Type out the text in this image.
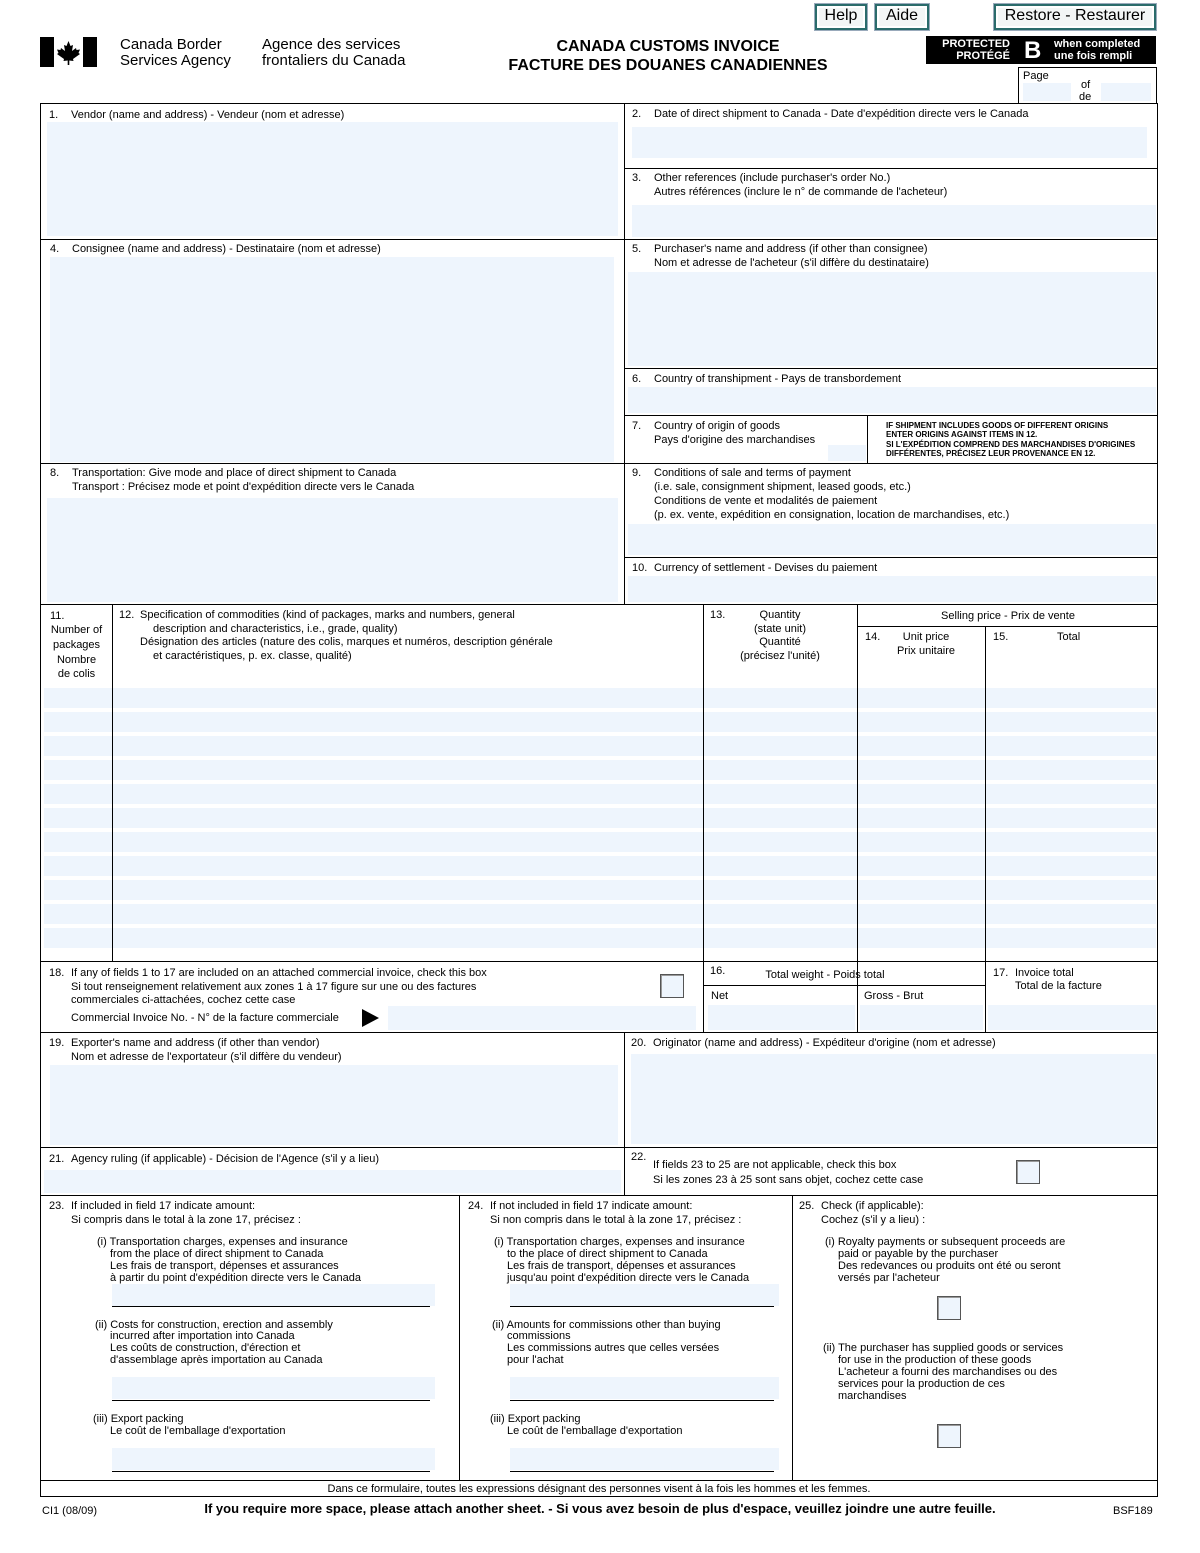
Help	Aide	Restore - Restaurer
Canada Border
Services Agency
Agence des services
frontaliers du Canada
CANADA CUSTOMS INVOICE
FACTURE DES DOUANES CANADIENNES
PROTECTED
PROTÉGÉ B when completed
une fois rempli
Page
of
de
1. Vendor (name and address) - Vendeur (nom et adresse)	2. Date of direct shipment to Canada - Date d'expédition directe vers le Canada
3. Other references (include purchaser's order No.)
Autres références (inclure le n° de commande de l'acheteur)
4. Consignee (name and address) - Destinataire (nom et adresse)	5. Purchaser's name and address (if other than consignee)
Nom et adresse de l'acheteur (s'il diffère du destinataire)
6. Country of transhipment - Pays de transbordement
7. Country of origin of goods
Pays d'origine des marchandises
IF SHIPMENT INCLUDES GOODS OF DIFFERENT ORIGINS
ENTER ORIGINS AGAINST ITEMS IN 12.
SI L'EXPÉDITION COMPREND DES MARCHANDISES D'ORIGINES
DIFFÉRENTES, PRÉCISEZ LEUR PROVENANCE EN 12.
8. Transportation: Give mode and place of direct shipment to Canada
Transport : Précisez mode et point d'expédition directe vers le Canada
9. Conditions of sale and terms of payment
(i.e. sale, consignment shipment, leased goods, etc.)
Conditions de vente et modalités de paiement
(p. ex. vente, expédition en consignation, location de marchandises, etc.)
10. Currency of settlement - Devises du paiement
11.
Number of
packages
Nombre
de colis
12. Specification of commodities (kind of packages, marks and numbers, general
description and characteristics, i.e., grade, quality)
Désignation des articles (nature des colis, marques et numéros, description générale
et caractéristiques, p. ex. classe, qualité)
13.	Quantity
(state unit)
Quantité
(précisez l'unité)
Selling price - Prix de vente
14.	Unit price
Prix unitaire
15.	Total
18. If any of fields 1 to 17 are included on an attached commercial invoice, check this box
Si tout renseignement relativement aux zones 1 à 17 figure sur une ou des factures
commerciales ci-attachées, cochez cette case
Commercial Invoice No. - N° de la facture commerciale
16.	Total weight - Poids total
Net	Gross - Brut
17. Invoice total
Total de la facture
19. Exporter's name and address (if other than vendor)
Nom et adresse de l'exportateur (s'il diffère du vendeur)
20. Originator (name and address) - Expéditeur d'origine (nom et adresse)
21. Agency ruling (if applicable) - Décision de l'Agence (s'il y a lieu)	22.
If fields 23 to 25 are not applicable, check this box
Si les zones 23 à 25 sont sans objet, cochez cette case
23. If included in field 17 indicate amount:
Si compris dans le total à la zone 17, précisez :
(i) Transportation charges, expenses and insurance
from the place of direct shipment to Canada
Les frais de transport, dépenses et assurances
à partir du point d'expédition directe vers le Canada
(ii) Costs for construction, erection and assembly
incurred after importation into Canada
Les coûts de construction, d'érection et
d'assemblage après importation au Canada
(iii) Export packing
Le coût de l'emballage d'exportation
24. If not included in field 17 indicate amount:
Si non compris dans le total à la zone 17, précisez :
(i) Transportation charges, expenses and insurance
to the place of direct shipment to Canada
Les frais de transport, dépenses et assurances
jusqu'au point d'expédition directe vers le Canada
(ii) Amounts for commissions other than buying
commissions
Les commissions autres que celles versées
pour l'achat
(iii) Export packing
Le coût de l'emballage d'exportation
25. Check (if applicable):
Cochez (s'il y a lieu) :
(i) Royalty payments or subsequent proceeds are
paid or payable by the purchaser
Des redevances ou produits ont été ou seront
versés par l'acheteur
(ii) The purchaser has supplied goods or services
for use in the production of these goods
L'acheteur a fourni des marchandises ou des
services pour la production de ces
marchandises
Dans ce formulaire, toutes les expressions désignant des personnes visent à la fois les hommes et les femmes.
CI1 (08/09)	If you require more space, please attach another sheet. - Si vous avez besoin de plus d'espace, veuillez joindre une autre feuille.	BSF189
